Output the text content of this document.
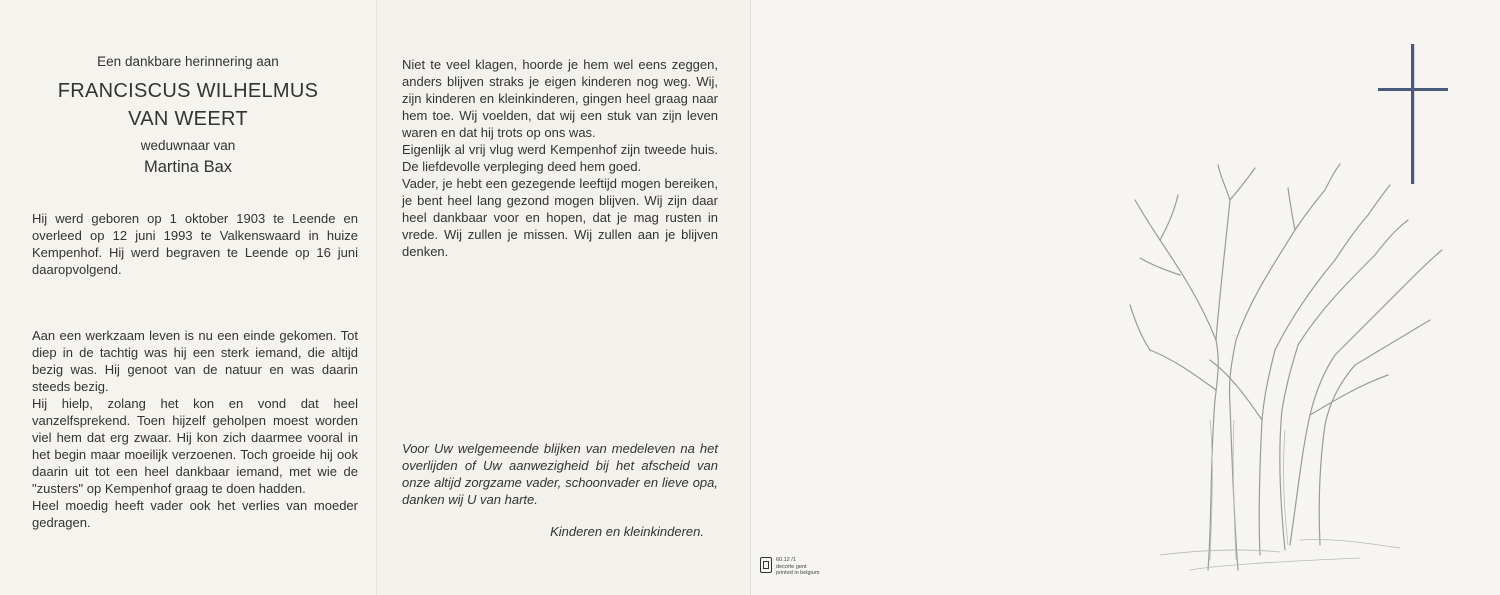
Een dankbare herinnering aan
FRANCISCUS WILHELMUS
VAN WEERT
weduwnaar van
Martina Bax
Hij werd geboren op 1 oktober 1903 te Leende en overleed op 12 juni 1993 te Valkenswaard in huize Kempenhof. Hij werd begraven te Leende op 16 juni daaropvolgend.
Aan een werkzaam leven is nu een einde gekomen. Tot diep in de tachtig was hij een sterk iemand, die altijd bezig was. Hij genoot van de natuur en was daarin steeds bezig.
Hij hielp, zolang het kon en vond dat heel vanzelfsprekend. Toen hijzelf geholpen moest worden viel hem dat erg zwaar. Hij kon zich daarmee vooral in het begin maar moeilijk verzoenen. Toch groeide hij ook daarin uit tot een heel dankbaar iemand, met wie de "zusters" op Kempenhof graag te doen hadden.
Heel moedig heeft vader ook het verlies van moeder gedragen.
Niet te veel klagen, hoorde je hem wel eens zeggen, anders blijven straks je eigen kinderen nog weg. Wij, zijn kinderen en kleinkinderen, gingen heel graag naar hem toe. Wij voelden, dat wij een stuk van zijn leven waren en dat hij trots op ons was.
Eigenlijk al vrij vlug werd Kempenhof zijn tweede huis. De liefdevolle verpleging deed hem goed.
Vader, je hebt een gezegende leeftijd mogen bereiken, je bent heel lang gezond mogen blijven. Wij zijn daar heel dankbaar voor en hopen, dat je mag rusten in vrede. Wij zullen je missen. Wij zullen aan je blijven denken.
Voor Uw welgemeende blijken van medeleven na het overlijden of Uw aanwezigheid bij het afscheid van onze altijd zorgzame vader, schoonvader en lieve opa, danken wij U van harte.
Kinderen en kleinkinderen.
60.12 /1
decorte gent
printed in belgium
